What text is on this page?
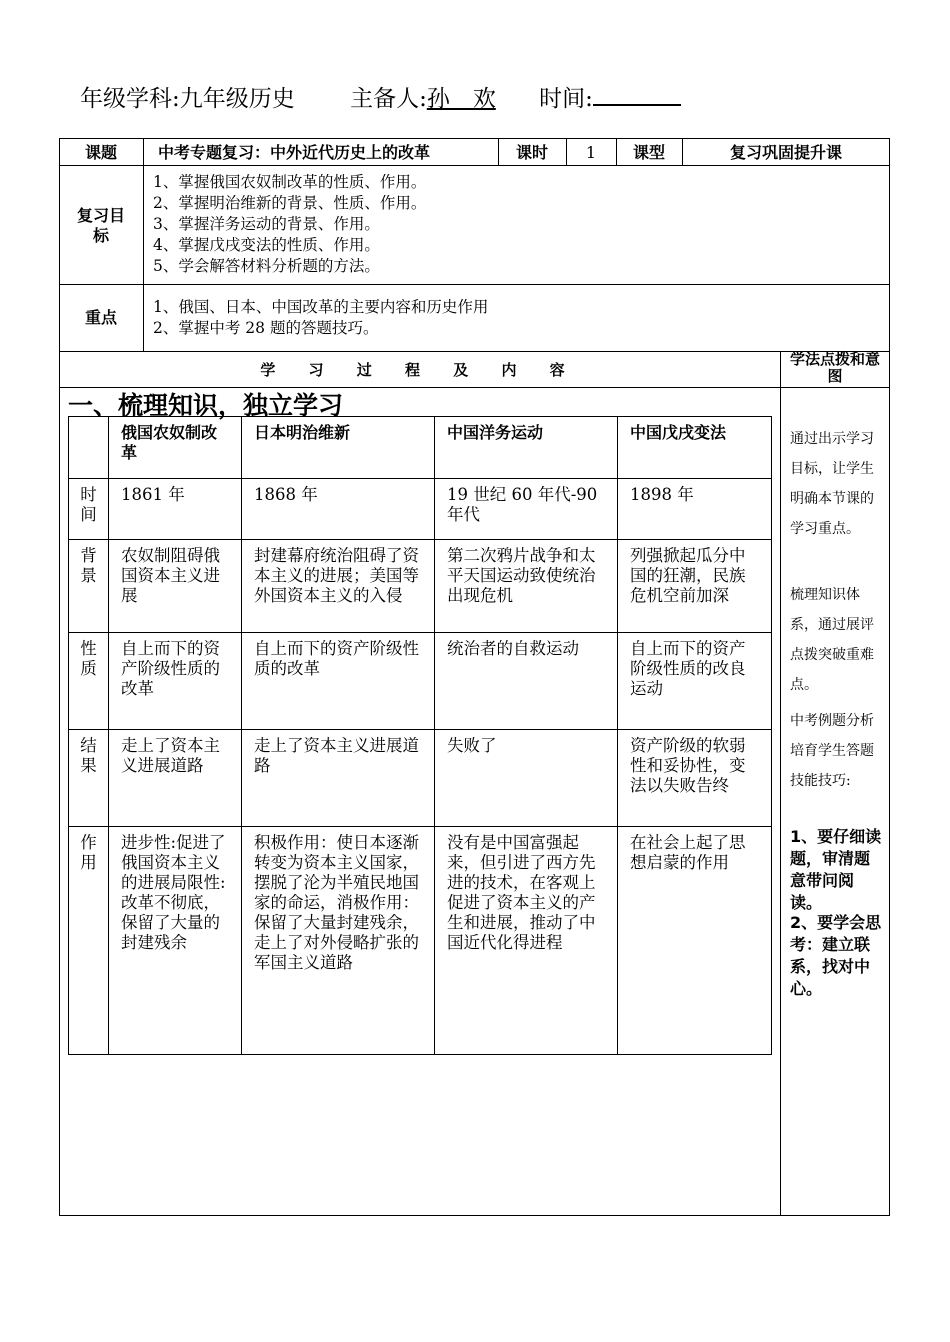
年级学科:九年级历史 主备人:孙　欢 时间:
课题	中考专题复习：中外近代历史上的改革	课时	1	课型	复习巩固提升课
复习目标
1、掌握俄国农奴制改革的性质、作用。
2、掌握明治维新的背景、性质、作用。
3、掌握洋务运动的背景、作用。
4、掌握戊戌变法的性质、作用。
5、学会解答材料分析题的方法。
重点
1、俄国、日本、中国改革的主要内容和历史作用
2、掌握中考 28 题的答题技巧。
学 习 过 程 及 内 容
学法点拨和意图
一、梳理知识，独立学习
	俄国农奴制改革	日本明治维新	中国洋务运动	中国戊戌变法
时间	1861 年	1868 年	19 世纪 60 年代-90 年代	1898 年
背景	农奴制阻碍俄国资本主义进展	封建幕府统治阻碍了资本主义的进展；美国等外国资本主义的入侵	第二次鸦片战争和太平天国运动致使统治出现危机	列强掀起瓜分中国的狂潮，民族危机空前加深
性质	自上而下的资产阶级性质的改革	自上而下的资产阶级性质的改革	统治者的自救运动	自上而下的资产阶级性质的改良运动
结果	走上了资本主义进展道路	走上了资本主义进展道路	失败了	资产阶级的软弱性和妥协性，变法以失败告终
作用	进步性:促进了俄国资本主义的进展局限性:改革不彻底，保留了大量的封建残余	积极作用：使日本逐渐转变为资本主义国家，摆脱了沦为半殖民地国家的命运，消极作用：保留了大量封建残余，走上了对外侵略扩张的军国主义道路	没有是中国富强起来，但引进了西方先进的技术，在客观上促进了资本主义的产生和进展，推动了中国近代化得进程	在社会上起了思想启蒙的作用
通过出示学习目标，让学生明确本节课的学习重点。
梳理知识体系，通过展评点拨突破重难点。
中考例题分析培育学生答题技能技巧:
1、要仔细读题，审清题意带问阅读。
2、要学会思考：建立联系，找对中心。
